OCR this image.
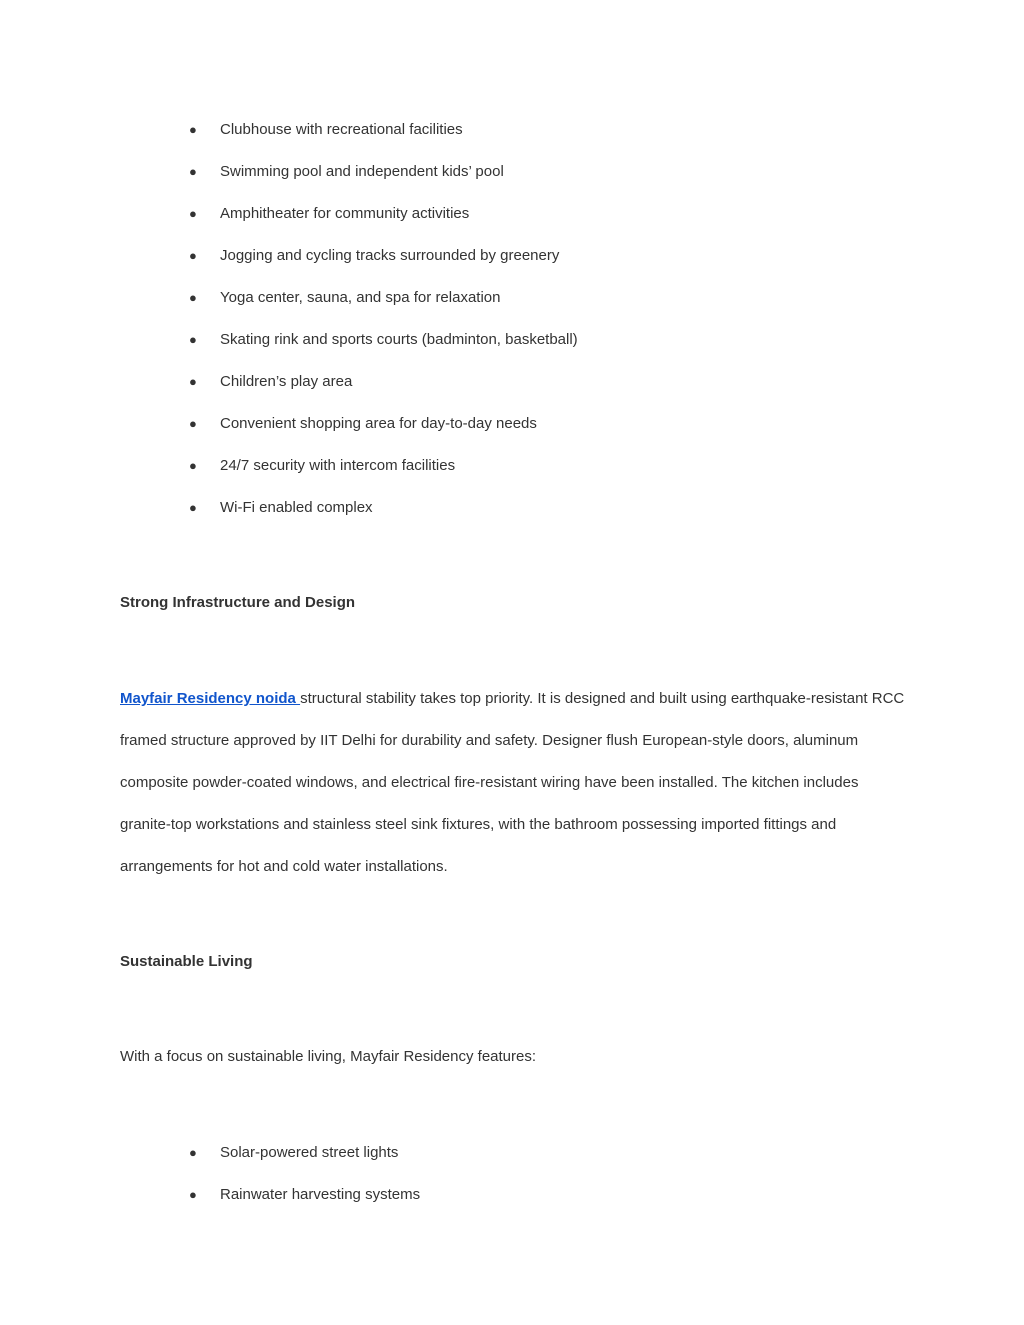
● Clubhouse with recreational facilities
● Swimming pool and independent kids’ pool
● Amphitheater for community activities
● Jogging and cycling tracks surrounded by greenery
● Yoga center, sauna, and spa for relaxation
● Skating rink and sports courts (badminton, basketball)
● Children’s play area
● Convenient shopping area for day-to-day needs
● 24/7 security with intercom facilities
● Wi-Fi enabled complex
Strong Infrastructure and Design

Mayfair Residency noida structural stability takes top priority. It is designed and built using earthquake-resistant RCC framed structure approved by IIT Delhi for durability and safety. Designer flush European-style doors, aluminum composite powder-coated windows, and electrical fire-resistant wiring have been installed. The kitchen includes granite-top workstations and stainless steel sink fixtures, with the bathroom possessing imported fittings and arrangements for hot and cold water installations.

Sustainable Living

With a focus on sustainable living, Mayfair Residency features:

● Solar-powered street lights
● Rainwater harvesting systems
